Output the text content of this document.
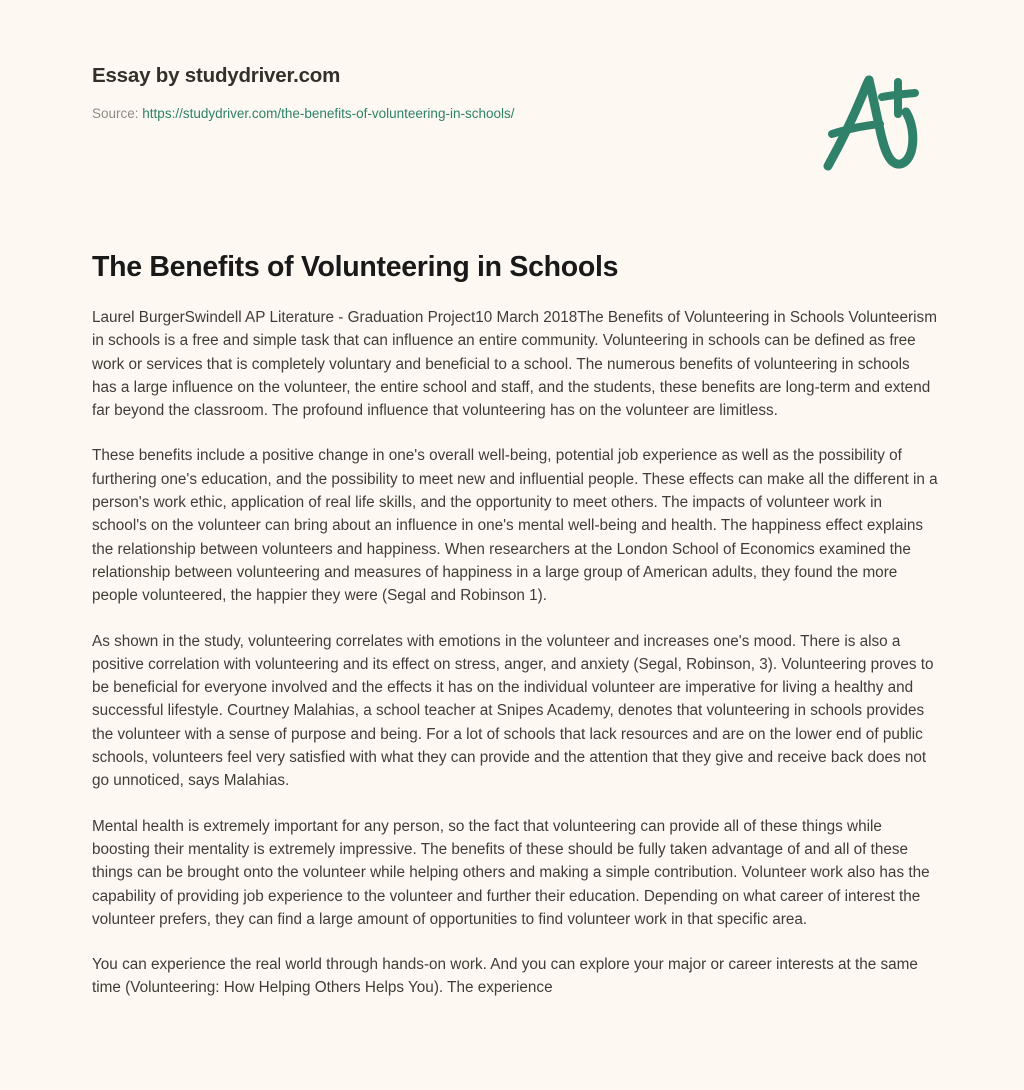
Essay by studydriver.com
Source: https://studydriver.com/the-benefits-of-volunteering-in-schools/
The Benefits of Volunteering in Schools

Laurel BurgerSwindell AP Literature - Graduation Project10 March 2018The Benefits of Volunteering in Schools Volunteerism in schools is a free and simple task that can influence an entire community. Volunteering in schools can be defined as free work or services that is completely voluntary and beneficial to a school. The numerous benefits of volunteering in schools has a large influence on the volunteer, the entire school and staff, and the students, these benefits are long-term and extend far beyond the classroom. The profound influence that volunteering has on the volunteer are limitless.

These benefits include a positive change in one's overall well-being, potential job experience as well as the possibility of furthering one's education, and the possibility to meet new and influential people. These effects can make all the different in a person's work ethic, application of real life skills, and the opportunity to meet others. The impacts of volunteer work in school's on the volunteer can bring about an influence in one's mental well-being and health. The happiness effect explains the relationship between volunteers and happiness. When researchers at the London School of Economics examined the relationship between volunteering and measures of happiness in a large group of American adults, they found the more people volunteered, the happier they were (Segal and Robinson 1).

As shown in the study, volunteering correlates with emotions in the volunteer and increases one's mood. There is also a positive correlation with volunteering and its effect on stress, anger, and anxiety (Segal, Robinson, 3). Volunteering proves to be beneficial for everyone involved and the effects it has on the individual volunteer are imperative for living a healthy and successful lifestyle. Courtney Malahias, a school teacher at Snipes Academy, denotes that volunteering in schools provides the volunteer with a sense of purpose and being. For a lot of schools that lack resources and are on the lower end of public schools, volunteers feel very satisfied with what they can provide and the attention that they give and receive back does not go unnoticed, says Malahias.

Mental health is extremely important for any person, so the fact that volunteering can provide all of these things while boosting their mentality is extremely impressive. The benefits of these should be fully taken advantage of and all of these things can be brought onto the volunteer while helping others and making a simple contribution. Volunteer work also has the capability of providing job experience to the volunteer and further their education. Depending on what career of interest the volunteer prefers, they can find a large amount of opportunities to find volunteer work in that specific area.

You can experience the real world through hands-on work. And you can explore your major or career interests at the same time (Volunteering: How Helping Others Helps You). The experience
